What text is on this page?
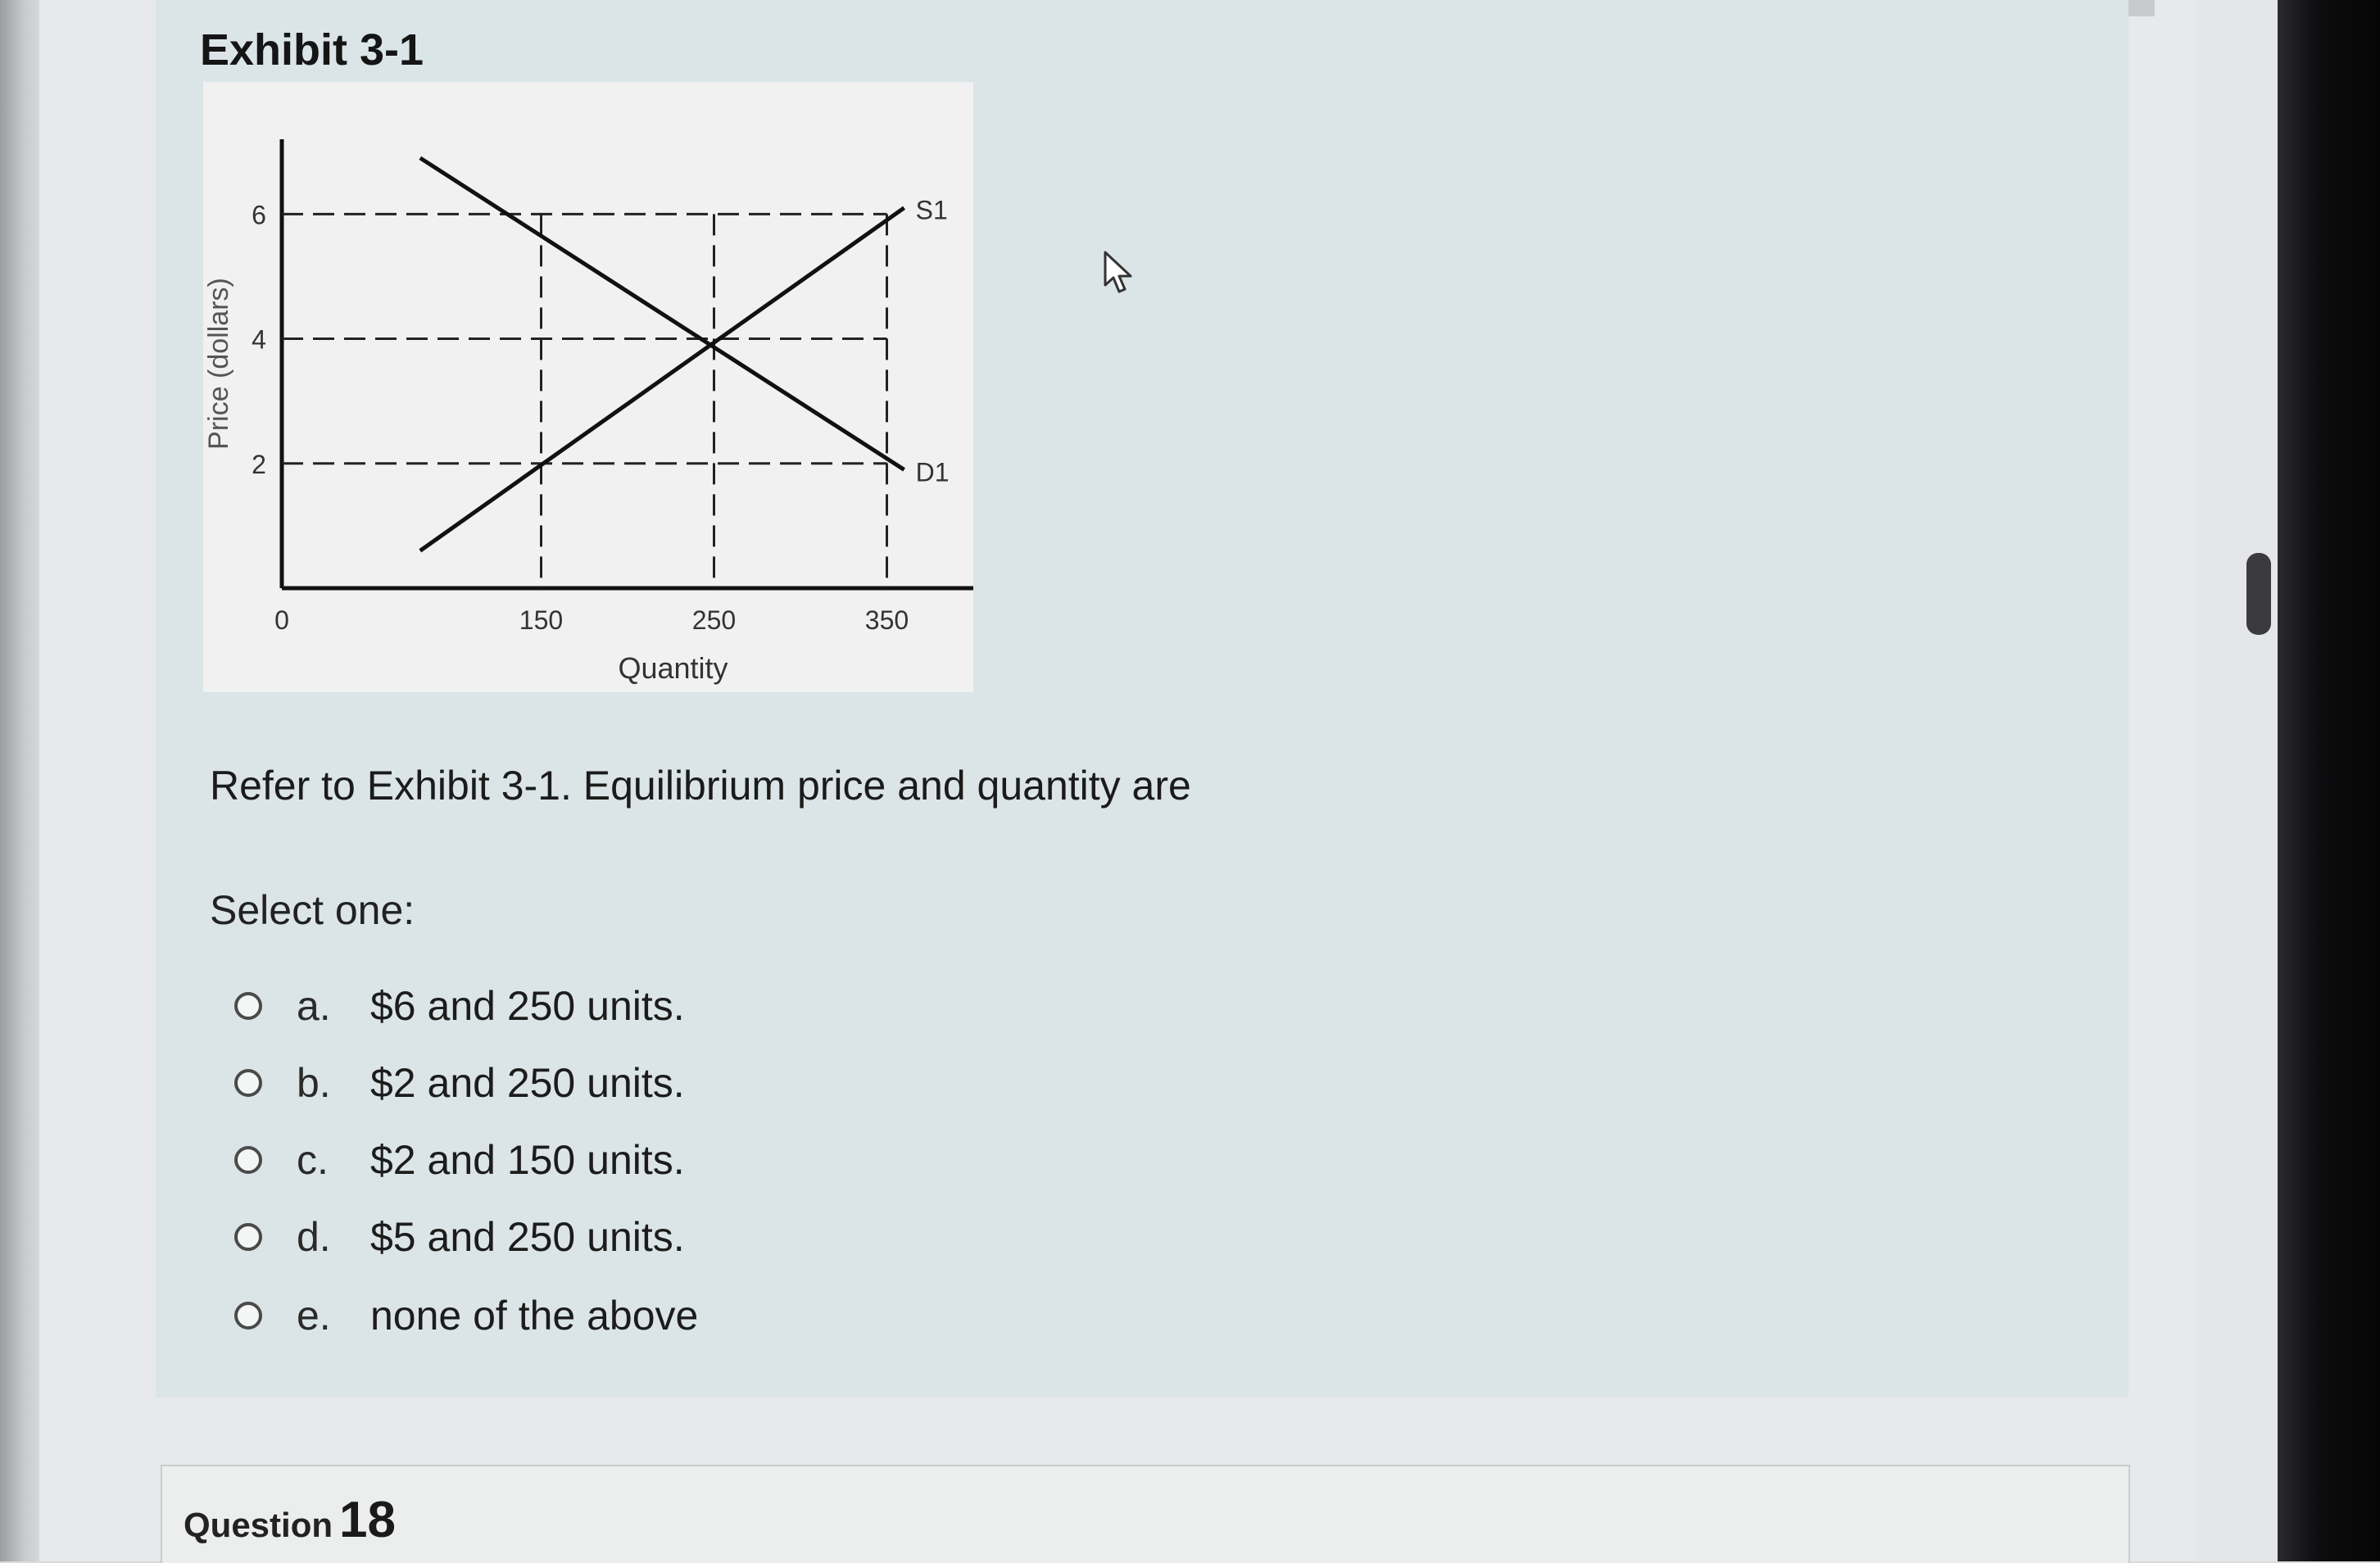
Exhibit 3-1
S1
D1
0	150	250	350
2
4
6
Quantity
Price (dollars)
Refer to Exhibit 3-1. Equilibrium price and quantity are
Select one:
a. $6 and 250 units.
b. $2 and 250 units.
c.	$2 and 150 units.
d. $5 and 250 units.
e. none of the above
Question 18
